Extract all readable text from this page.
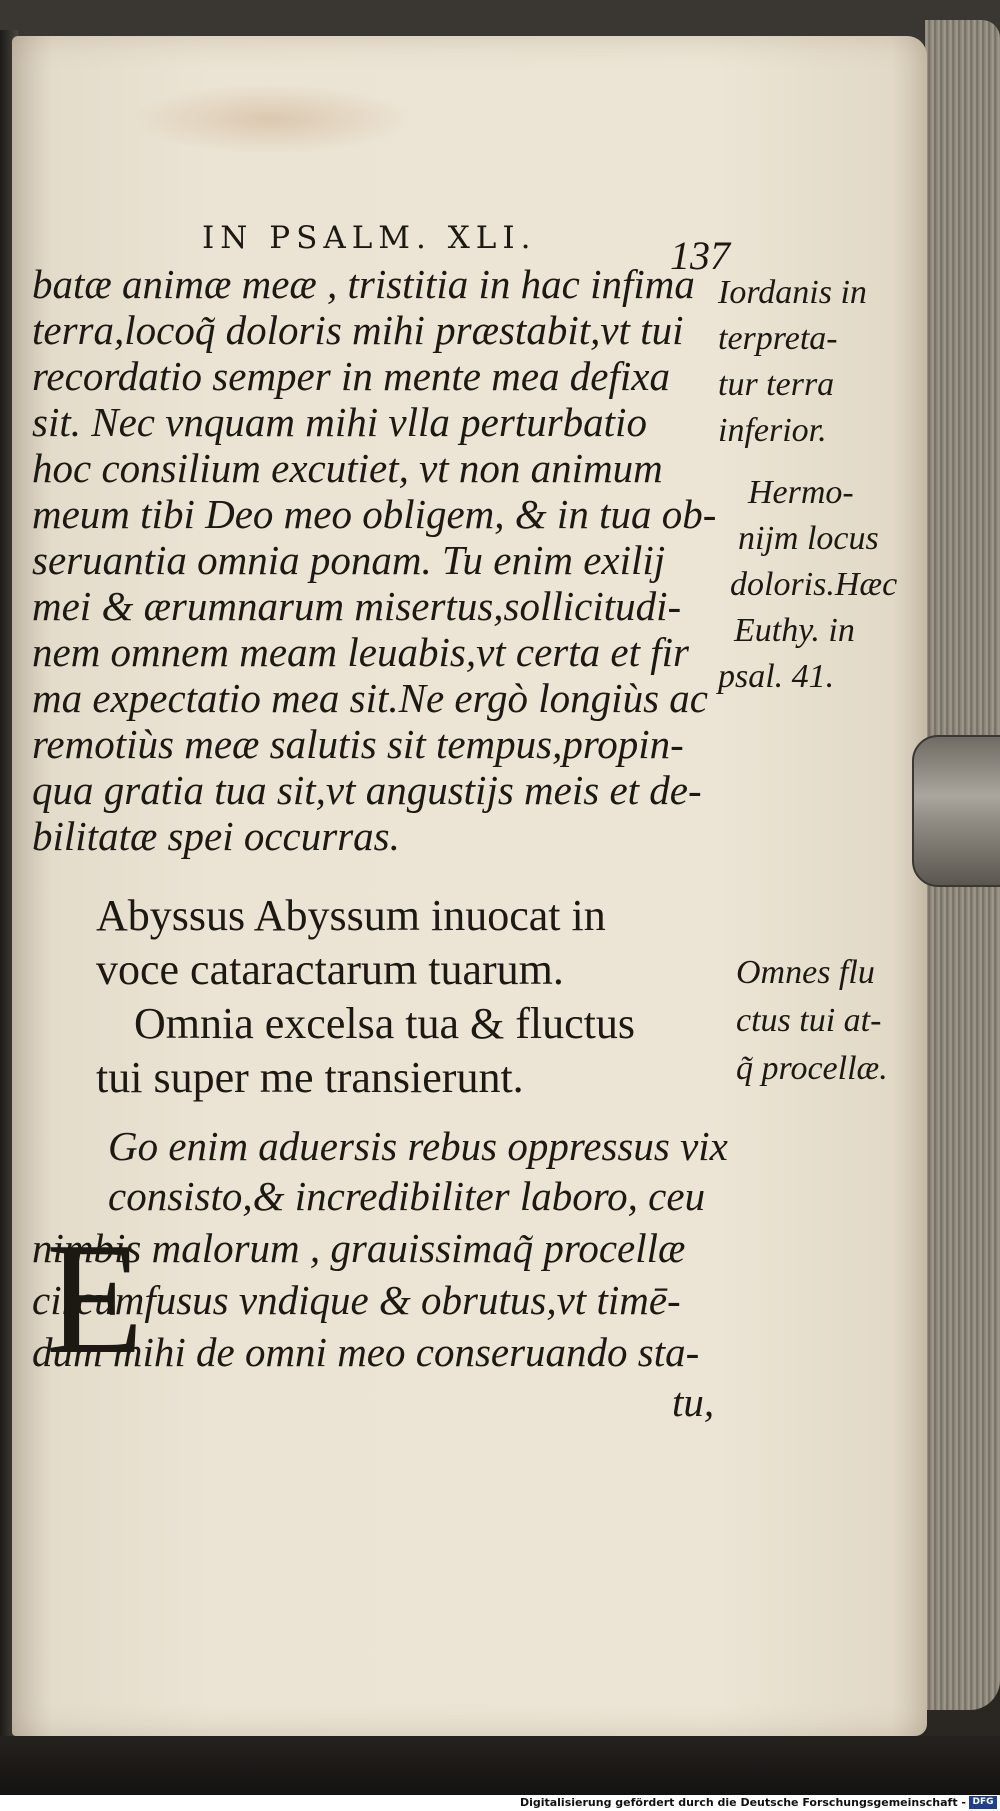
IN PSALM. XLI.	137

batæ animæ meæ , tristitia in hac infima

terra,locoq̃ doloris mihi præstabit,vt tui

recordatio semper in mente mea defixa

sit. Nec vnquam mihi vlla perturbatio

hoc consilium excutiet, vt non animum

meum tibi Deo meo obligem, & in tua ob-

seruantia omnia ponam. Tu enim exilij

mei & ærumnarum misertus,sollicitudi-

nem omnem meam leuabis,vt certa et fir

ma expectatio mea sit.Ne ergò longiùs ac

remotiùs meæ salutis sit tempus,propin-

qua gratia tua sit,vt angustijs meis et de-

bilitatæ spei occurras.

Iordanis in

terpreta-

tur terra

inferior.

Hermo-

nijm locus

doloris.Hæc

Euthy. in

psal. 41.

Abyssus Abyssum inuocat in

voce cataractarum tuarum.

Omnia excelsa tua & fluctus

tui super me transierunt.

Omnes flu

ctus tui at-

q̃ procellæ.

E

Go enim aduersis rebus oppressus vix

consisto,& incredibiliter laboro, ceu

nimbis malorum , grauissimaq̃ procellæ

circumfusus vndique & obrutus,vt timē-

dum mihi de omni meo conseruando sta-

tu,

Digitalisierung gefördert durch die Deutsche Forschungsgemeinschaft - DFG
